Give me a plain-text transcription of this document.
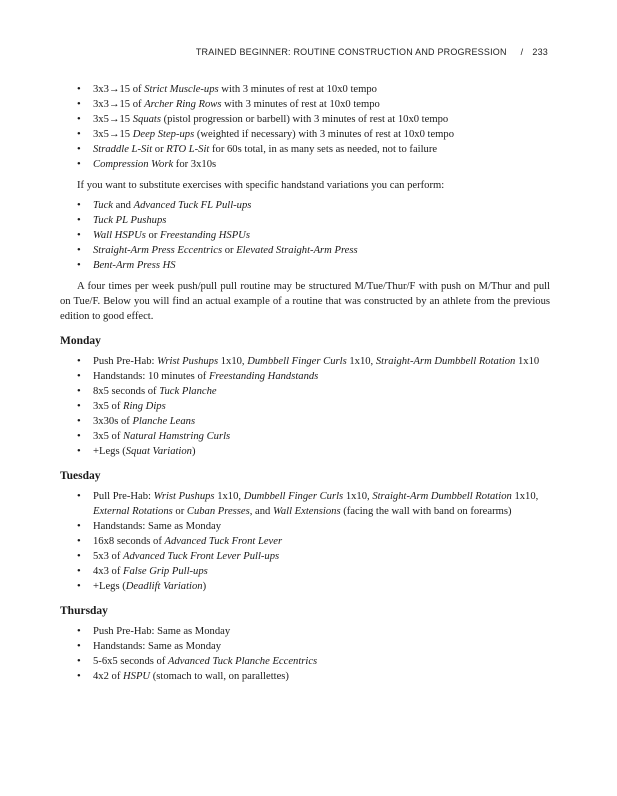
TRAINED BEGINNER: ROUTINE CONSTRUCTION AND PROGRESSION / 233
• 3x3→15 of Strict Muscle-ups with 3 minutes of rest at 10x0 tempo
• 3x3→15 of Archer Ring Rows with 3 minutes of rest at 10x0 tempo
• 3x5→15 Squats (pistol progression or barbell) with 3 minutes of rest at 10x0 tempo
• 3x5→15 Deep Step-ups (weighted if necessary) with 3 minutes of rest at 10x0 tempo
• Straddle L-Sit or RTO L-Sit for 60s total, in as many sets as needed, not to failure
• Compression Work for 3x10s

If you want to substitute exercises with specific handstand variations you can perform:

• Tuck and Advanced Tuck FL Pull-ups
• Tuck PL Pushups
• Wall HSPUs or Freestanding HSPUs
• Straight-Arm Press Eccentrics or Elevated Straight-Arm Press
• Bent-Arm Press HS

A four times per week push/pull pull routine may be structured M/Tue/Thur/F with push on M/Thur and pull on Tue/F. Below you will find an actual example of a routine that was constructed by an athlete from the previous edition to good effect.

Monday
• Push Pre-Hab: Wrist Pushups 1x10, Dumbbell Finger Curls 1x10, Straight-Arm Dumbbell Rotation 1x10
• Handstands: 10 minutes of Freestanding Handstands
• 8x5 seconds of Tuck Planche
• 3x5 of Ring Dips
• 3x30s of Planche Leans
• 3x5 of Natural Hamstring Curls
• +Legs (Squat Variation)
Tuesday
• Pull Pre-Hab: Wrist Pushups 1x10, Dumbbell Finger Curls 1x10, Straight-Arm Dumbbell Rotation 1x10, External Rotations or Cuban Presses, and Wall Extensions (facing the wall with band on forearms)
• Handstands: Same as Monday
• 16x8 seconds of Advanced Tuck Front Lever
• 5x3 of Advanced Tuck Front Lever Pull-ups
• 4x3 of False Grip Pull-ups
• +Legs (Deadlift Variation)
Thursday
• Push Pre-Hab: Same as Monday
• Handstands: Same as Monday
• 5-6x5 seconds of Advanced Tuck Planche Eccentrics
• 4x2 of HSPU (stomach to wall, on parallettes)
